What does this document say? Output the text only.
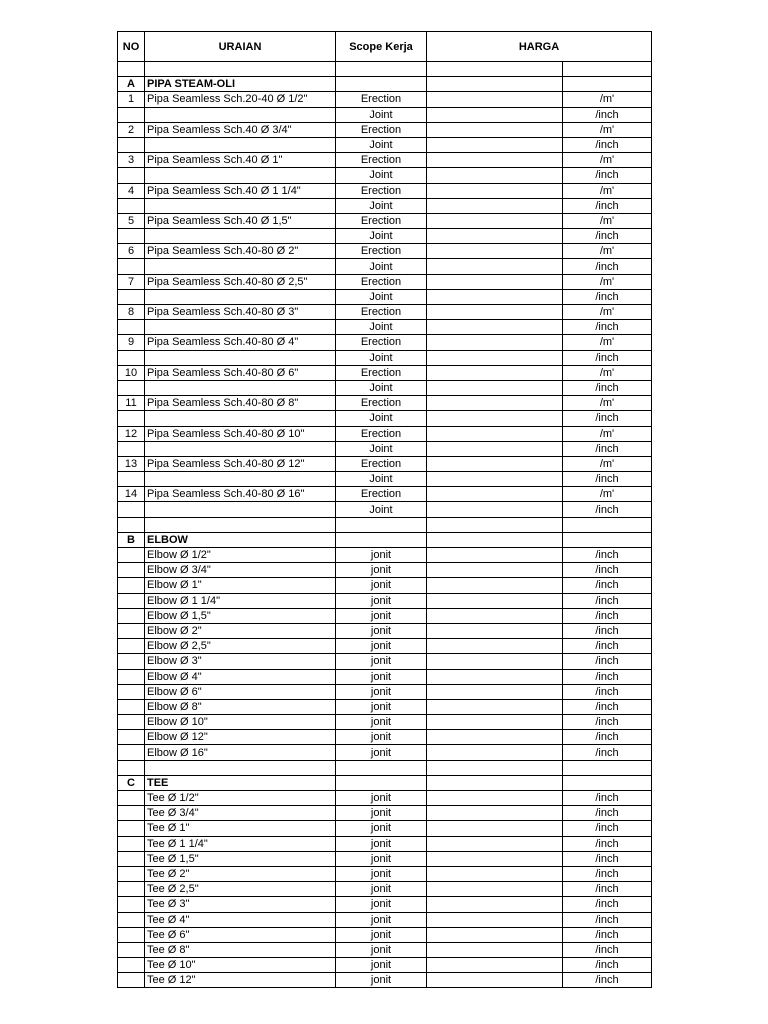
NO	URAIAN	Scope Kerja	HARGA	

A	PIPA STEAM-OLI			
1	Pipa Seamless Sch.20-40 Ø 1/2"	Erection		/m'
		Joint		/inch
2	Pipa Seamless Sch.40 Ø 3/4"	Erection		/m'
		Joint		/inch
3	Pipa Seamless Sch.40 Ø 1"	Erection		/m'
		Joint		/inch
4	Pipa Seamless Sch.40 Ø 1 1/4"	Erection		/m'
		Joint		/inch
5	Pipa Seamless Sch.40 Ø 1,5"	Erection		/m'
		Joint		/inch
6	Pipa Seamless Sch.40-80 Ø 2"	Erection		/m'
		Joint		/inch
7	Pipa Seamless Sch.40-80 Ø 2,5"	Erection		/m'
		Joint		/inch
8	Pipa Seamless Sch.40-80 Ø 3"	Erection		/m'
		Joint		/inch
9	Pipa Seamless Sch.40-80 Ø 4"	Erection		/m'
		Joint		/inch
10	Pipa Seamless Sch.40-80 Ø 6"	Erection		/m'
		Joint		/inch
11	Pipa Seamless Sch.40-80 Ø 8"	Erection		/m'
		Joint		/inch
12	Pipa Seamless Sch.40-80 Ø 10"	Erection		/m'
		Joint		/inch
13	Pipa Seamless Sch.40-80 Ø 12"	Erection		/m'
		Joint		/inch
14	Pipa Seamless Sch.40-80 Ø 16"	Erection		/m'
		Joint		/inch

B	ELBOW			
	Elbow Ø 1/2"	jonit		/inch
	Elbow Ø 3/4"	jonit		/inch
	Elbow Ø 1"	jonit		/inch
	Elbow Ø 1 1/4"	jonit		/inch
	Elbow Ø 1,5"	jonit		/inch
	Elbow Ø 2"	jonit		/inch
	Elbow Ø 2,5"	jonit		/inch
	Elbow Ø 3"	jonit		/inch
	Elbow Ø 4"	jonit		/inch
	Elbow Ø 6"	jonit		/inch
	Elbow Ø 8"	jonit		/inch
	Elbow Ø 10"	jonit		/inch
	Elbow Ø 12"	jonit		/inch
	Elbow Ø 16"	jonit		/inch

C	TEE			
	Tee Ø 1/2"	jonit		/inch
	Tee Ø 3/4"	jonit		/inch
	Tee Ø 1"	jonit		/inch
	Tee Ø 1 1/4"	jonit		/inch
	Tee Ø 1,5"	jonit		/inch
	Tee Ø 2"	jonit		/inch
	Tee Ø 2,5"	jonit		/inch
	Tee Ø 3"	jonit		/inch
	Tee Ø 4"	jonit		/inch
	Tee Ø 6"	jonit		/inch
	Tee Ø 8"	jonit		/inch
	Tee Ø 10"	jonit		/inch
	Tee Ø 12"	jonit		/inch
